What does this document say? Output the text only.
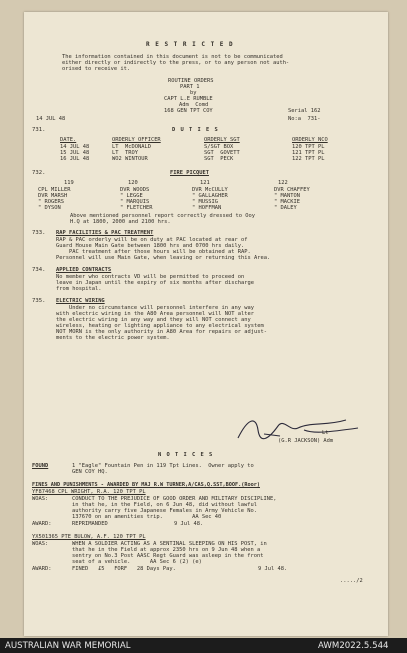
R E S T R I C T E D
The information contained in this document is not to be communicated
either directly or indirectly to the press, or to any person not auth-
orised to receive it.
ROUTINE ORDERS
PART 1
by
CAPT L.E RUMBLE
Adm  Comd
168 GEN TPT COY	Serial 162
14 JUL 48	No:a  731-
731.	D U T I E S
DATE.	ORDERLY OFFICER	ORDERLY SGT	ORDERLY NCO
14 JUL 48	LT  McDONALD	S/SGT BOX	120 TPT PL
15 JUL 48	LT  TROY	SGT  GOVETT	121 TPT PL
16 JUL 48	WO2 WINTOUR	SGT  PECK	122 TPT PL
732.	FIRE PICQUET
119	120	121	122
CPL MILLER	DVR WOODS	DVR McCULLY	DVR CHAFFEY
DVR MARSH	" LEGGE	" GALLAGHER	" MANTON
" ROGERS	" MARQUIS	" MUSSIG	" MACKIE
" DYSON	" FLETCHER	" HOFFMAN	" DALEY
Above mentioned personnel report correctly dressed to Ooy
H.Q at 1800, 2000 and 2100 hrs.
733. RAP FACILITIES & PAC TREATMENT
RAP & PAC orderly will be on duty at PAC located at rear of
Guard House Main Gate between 1800 hrs and 0700 hrs daily.
PAC treatment after those hours will be obtained at RAP.
Personnel will use Main Gate, when leaving or returning this Area.
734. APPLIED CONTRACTS
No member who contracts VD will be permitted to proceed on
leave in Japan until the expiry of six months after discharge
from hospital.
735. ELECTRIC WIRING
Under no circumstance will personnel interfere in any way
with electric wiring in the A80 Area personnel will NOT alter
the electric wiring in any way and they will NOT connect any
wireless, heating or lighting appliance to any electrical system
NOT MORN is the only authority in A80 Area for repairs or adjust-
ments to the electric power system.
Lt
(G.R JACKSON) Adm
N O T I C E S
FOUND	1 "Eagle" Fountain Pen in 119 Tpt Lines.  Owner apply to
GEN COY HQ.
FINES AND PUNISHMENTS - AWARDED BY MAJ R.W TURNER,A/CAS,Q.SST,BOOF.(Roor)
YF87468 CPL WRIGHT, R.A. 120 TPT PL
WOAS:	CONDUCT TO THE PREJUDICE OF GOOD ORDER AND MILITARY DISCIPLINE,
in that he, in the Field, on 6 Jun 48, did without lawful
authority carry five Japanese Females in Army Vehicle No.
137670 on an amenities trip.         AA Sec 40
AWARD:	REPRIMANDED	9 Jul 48.
YX501365 PTE BULOW, A.F. 120 TPT PL
WOAS:	WHEN A SOLDIER ACTING AS A SENTINAL SLEEPING ON HIS POST, in
that he in the Field at approx 2350 hrs on 9 Jun 48 when a
sentry on No.3 Post AASC Regt Guard was asleep in the front
seat of a vehicle.      AA Sec 6 (2) (e)
AWARD:	FINED   £5   FORF   28 Days Pay.	9 Jul 48.
...../2
AUSTRALIAN WAR MEMORIAL	AWM2022.5.544
